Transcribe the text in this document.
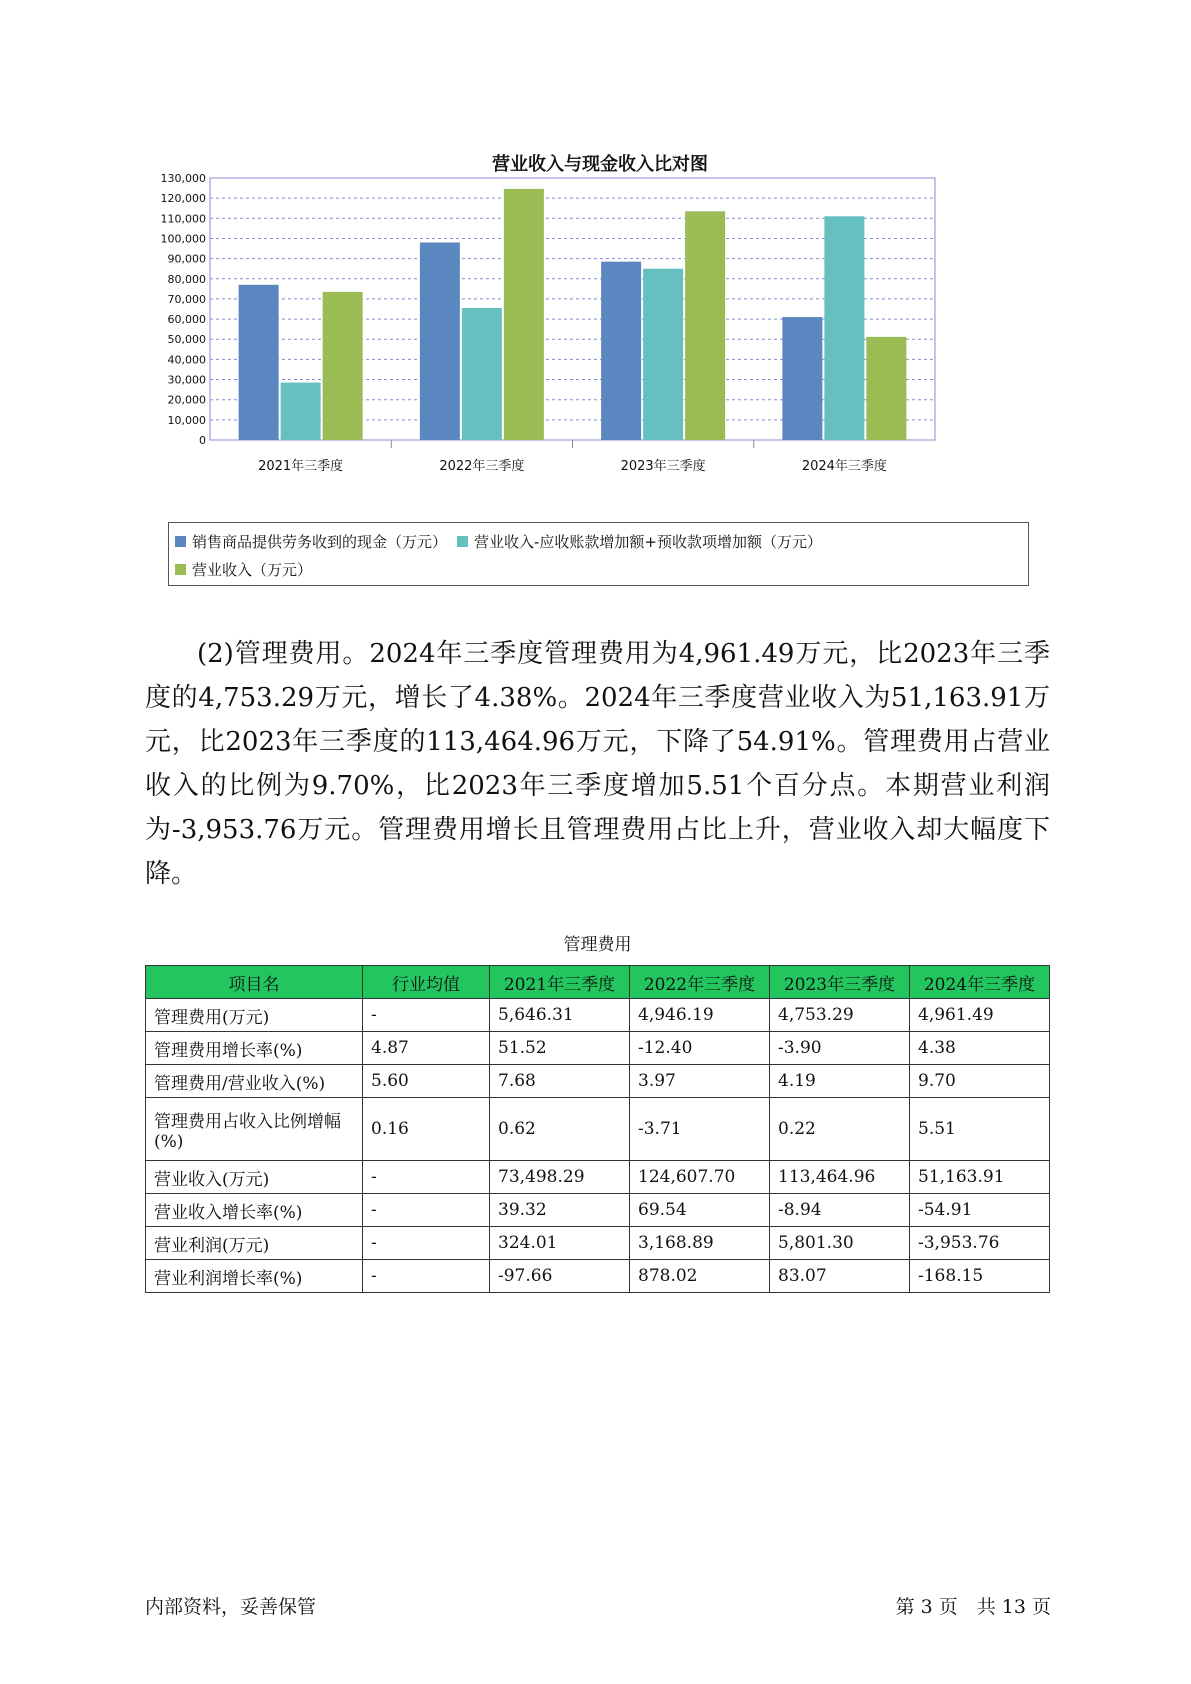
营业收入与现金收入比对图
0
10,000
20,000
30,000
40,000
50,000
60,000
70,000
80,000
90,000
100,000
110,000
120,000
130,000
2021年三季度	2022年三季度	2023年三季度	2024年三季度
销售商品提供劳务收到的现金（万元） 营业收入-应收账款增加额+预收款项增加额（万元）

营业收入（万元）
(2)管理费用。2024年三季度管理费用为4,961.49万元，比2023年三季度的4,753.29万元，增长了4.38%。2024年三季度营业收入为51,163.91万元，比2023年三季度的113,464.96万元，下降了54.91%。管理费用占营业收入的比例为9.70%，比2023年三季度增加5.51个百分点。本期营业利润为-3,953.76万元。管理费用增长且管理费用占比上升，营业收入却大幅度下降。
管理费用
项目名	行业均值	2021年三季度	2022年三季度	2023年三季度	2024年三季度
管理费用(万元)	-	5,646.31	4,946.19	4,753.29	4,961.49
管理费用增长率(%)	4.87	51.52	-12.40	-3.90	4.38
管理费用/营业收入(%)	5.60	7.68	3.97	4.19	9.70
管理费用占收入比例增幅(%)	0.16	0.62	-3.71	0.22	5.51
营业收入(万元)	-	73,498.29	124,607.70	113,464.96	51,163.91
营业收入增长率(%)	-	39.32	69.54	-8.94	-54.91
营业利润(万元)	-	324.01	3,168.89	5,801.30	-3,953.76
营业利润增长率(%)	-	-97.66	878.02	83.07	-168.15
内部资料，妥善保管	第 3 页　共 13 页
